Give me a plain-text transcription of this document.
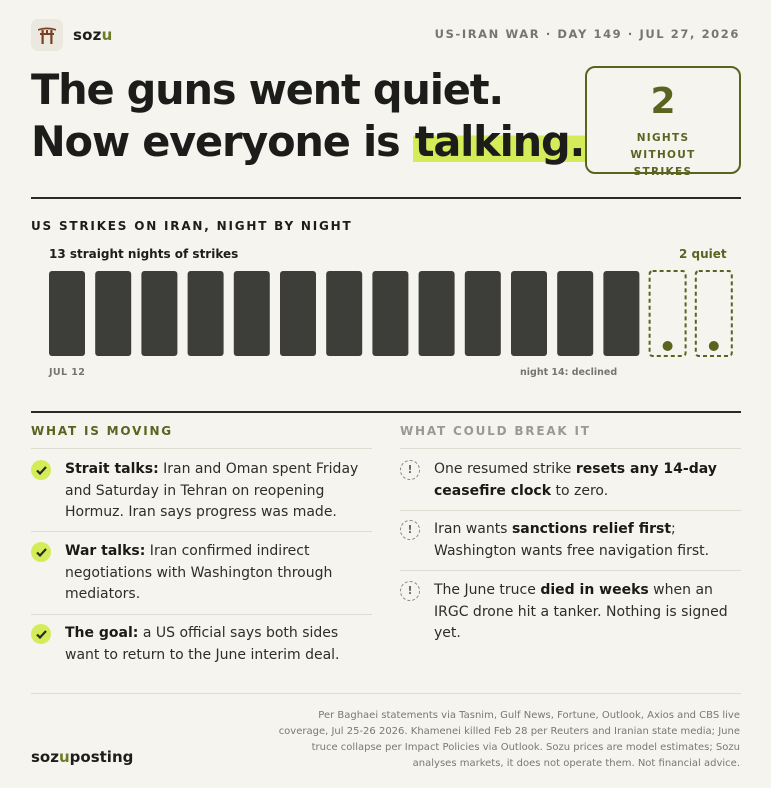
sozu	US-IRAN WAR · DAY 149 · JUL 27, 2026
The guns went quiet.
Now everyone is talking.
2
NIGHTS WITHOUT STRIKES
US STRIKES ON IRAN, NIGHT BY NIGHT
13 straight nights of strikes	2 quiet
JUL 12	night 14: declined
WHAT IS MOVING
Strait talks: Iran and Oman spent Friday and Saturday in Tehran on reopening Hormuz. Iran says progress was made.
War talks: Iran confirmed indirect negotiations with Washington through mediators.
The goal: a US official says both sides want to return to the June interim deal.
WHAT COULD BREAK IT
!	One resumed strike resets any 14-day ceasefire clock to zero.
!	Iran wants sanctions relief first; Washington wants free navigation first.
!	The June truce died in weeks when an IRGC drone hit a tanker. Nothing is signed yet.
sozuposting
Per Baghaei statements via Tasnim, Gulf News, Fortune, Outlook, Axios and CBS live coverage, Jul 25-26 2026. Khamenei killed Feb 28 per Reuters and Iranian state media; June truce collapse per Impact Policies via Outlook. Sozu prices are model estimates; Sozu analyses markets, it does not operate them. Not financial advice.
